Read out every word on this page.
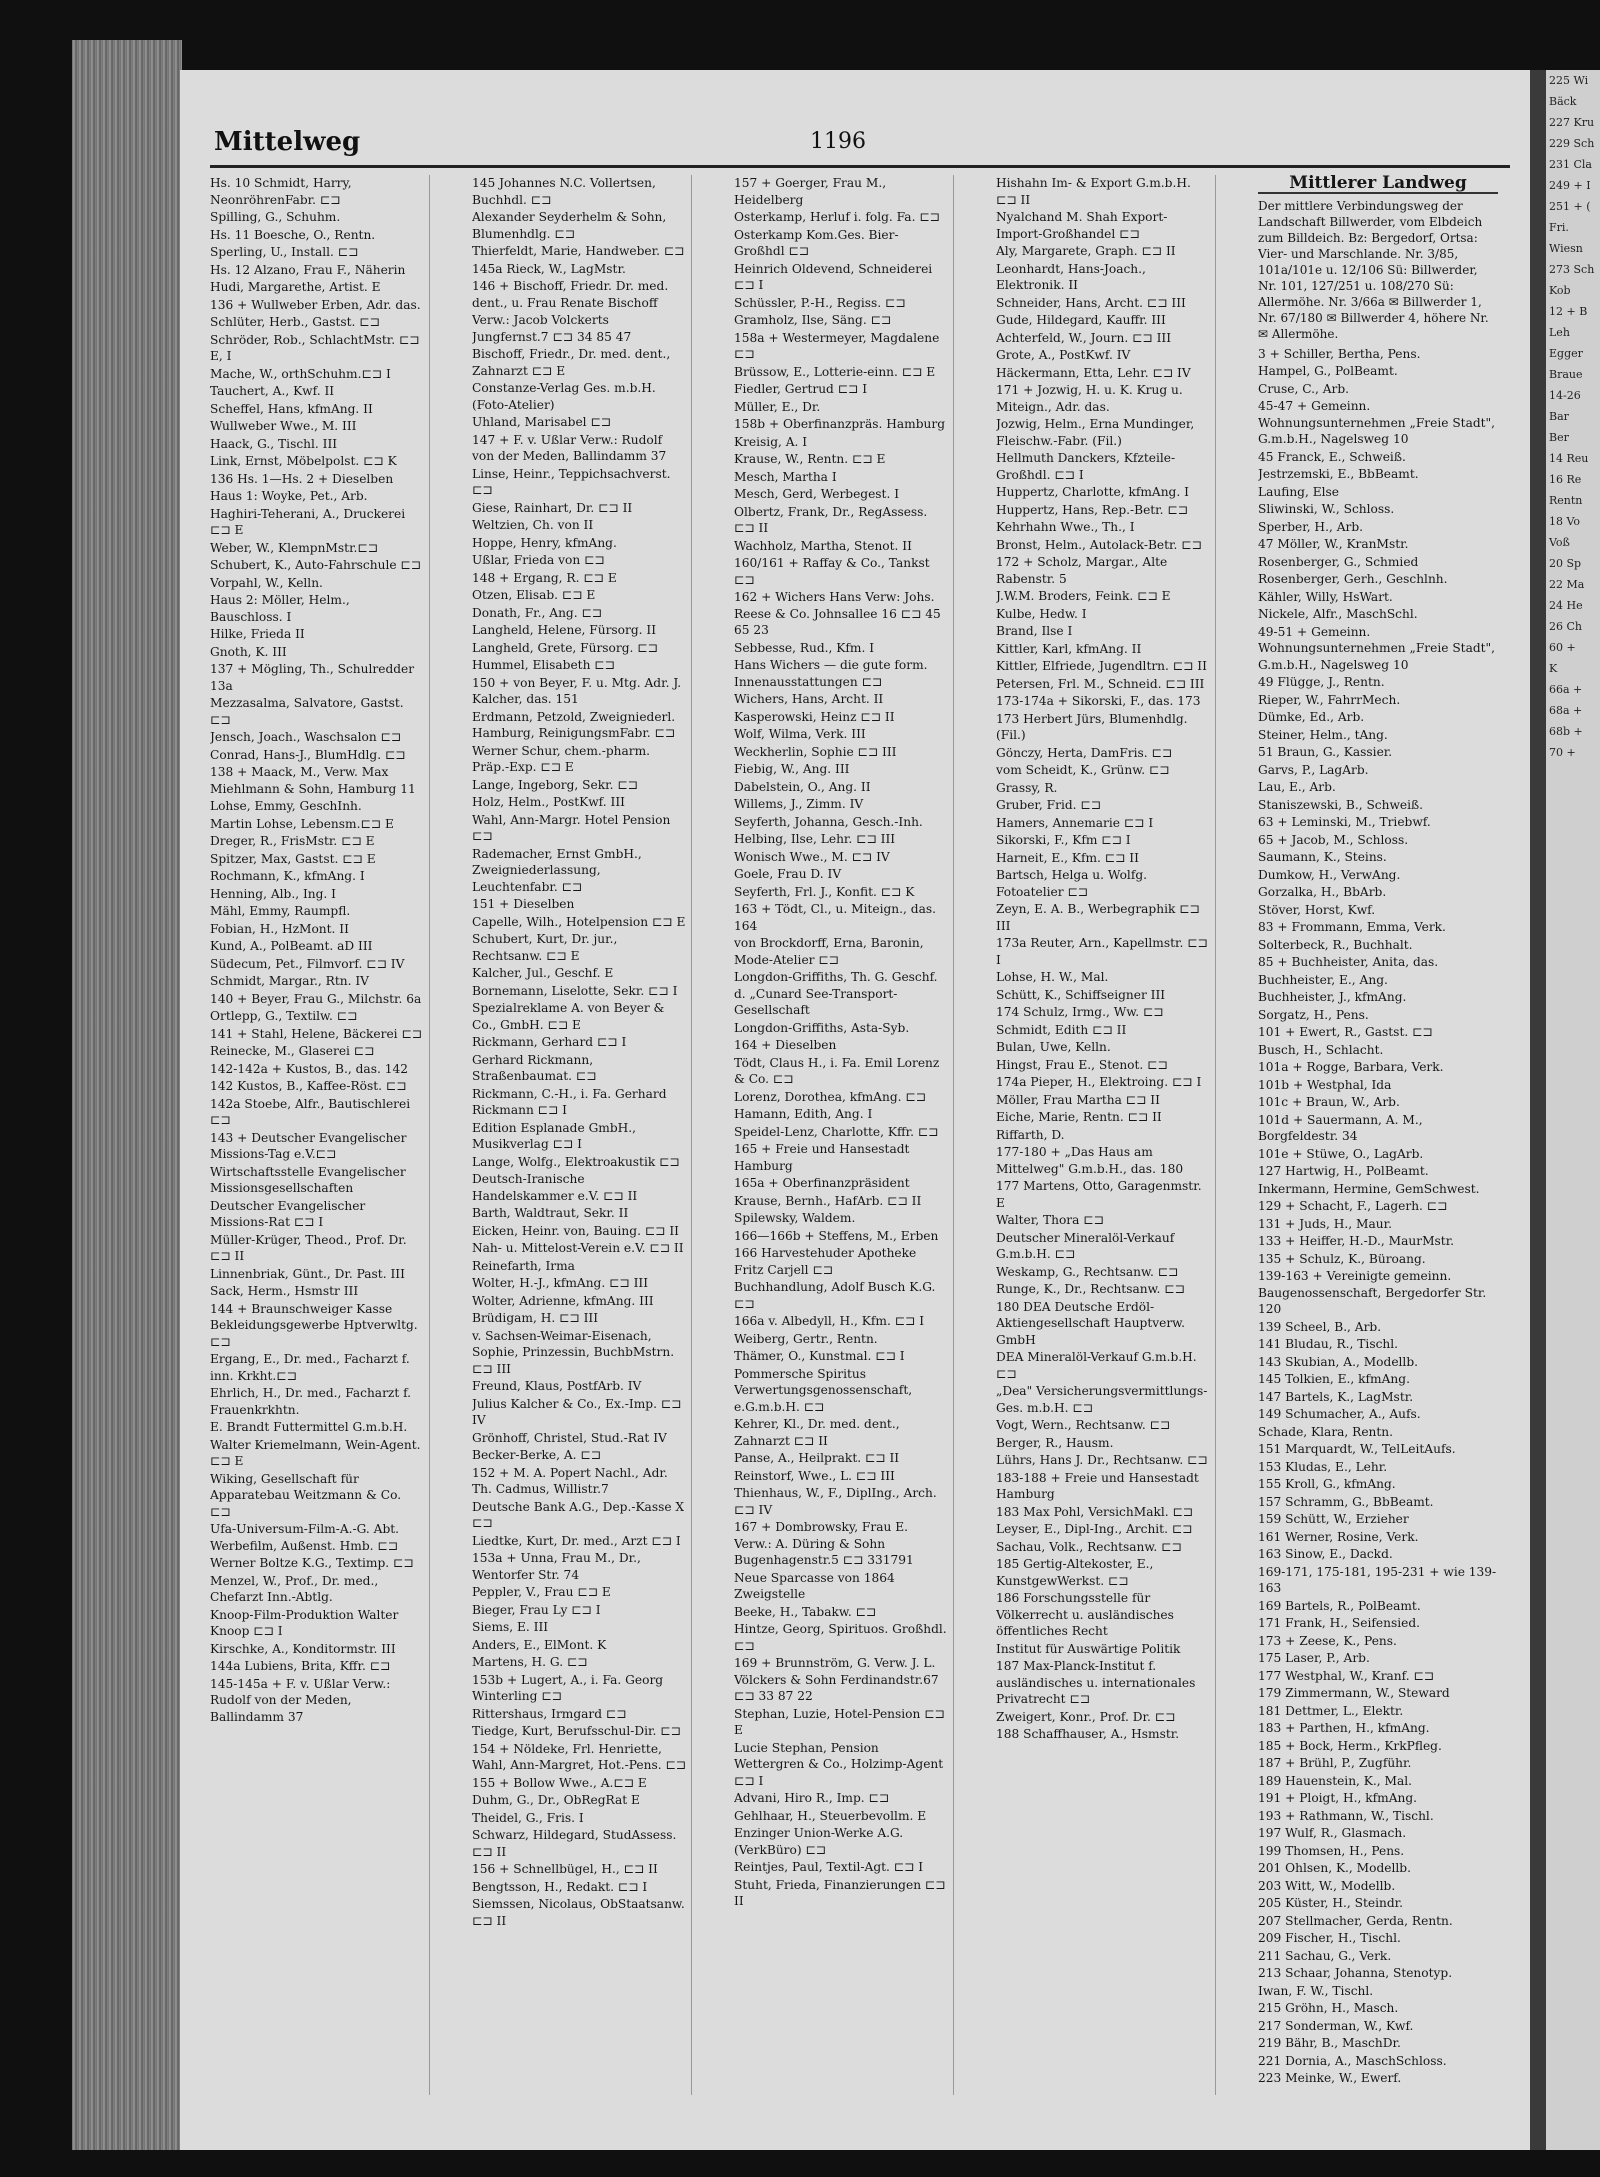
225 Wi
Bäck
227 Kru
229 Sch
231 Cla
249 + I
251 + (
Fri.
Wiesn
273 Sch
Kob
12 + B
Leh
Egger
Braue
14-26
Bar
Ber
14 Reu
16 Re
Rentn
18 Vo
Voß
20 Sp
22 Ma
24 He
26 Ch
60 +
K
66a +
68a +
68b +
70 +
Mittelweg	1196
Hs. 10 Schmidt, Harry, NeonröhrenFabr. ⊏⊐
Spilling, G., Schuhm.
Hs. 11 Boesche, O., Rentn.
Sperling, U., Install. ⊏⊐
Hs. 12 Alzano, Frau F., Näherin
Hudi, Margarethe, Artist. E
136 + Wullweber Erben, Adr. das.
Schlüter, Herb., Gastst. ⊏⊐
Schröder, Rob., SchlachtMstr. ⊏⊐ E, I
Mache, W., orthSchuhm.⊏⊐ I
Tauchert, A., Kwf. II
Scheffel, Hans, kfmAng. II
Wullweber Wwe., M. III
Haack, G., Tischl. III
Link, Ernst, Möbelpolst. ⊏⊐ K
136 Hs. 1—Hs. 2 + Dieselben
Haus 1: Woyke, Pet., Arb.
Haghiri-Teherani, A., Druckerei ⊏⊐ E
Weber, W., KlempnMstr.⊏⊐
Schubert, K., Auto-Fahrschule ⊏⊐
Vorpahl, W., Kelln.
Haus 2: Möller, Helm., Bauschloss. I
Hilke, Frieda II
Gnoth, K. III
137 + Mögling, Th., Schulredder 13a
Mezzasalma, Salvatore, Gastst. ⊏⊐
Jensch, Joach., Waschsalon ⊏⊐
Conrad, Hans-J., BlumHdlg. ⊏⊐
138 + Maack, M., Verw. Max Miehlmann & Sohn, Hamburg 11
Lohse, Emmy, GeschInh.
Martin Lohse, Lebensm.⊏⊐ E
Dreger, R., FrisMstr. ⊏⊐ E
Spitzer, Max, Gastst. ⊏⊐ E
Rochmann, K., kfmAng. I
Henning, Alb., Ing. I
Mähl, Emmy, Raumpfl.
Fobian, H., HzMont. II
Kund, A., PolBeamt. aD III
Südecum, Pet., Filmvorf. ⊏⊐ IV
Schmidt, Margar., Rtn. IV
140 + Beyer, Frau G., Milchstr. 6a
Ortlepp, G., Textilw. ⊏⊐
141 + Stahl, Helene, Bäckerei ⊏⊐
Reinecke, M., Glaserei ⊏⊐
142-142a + Kustos, B., das. 142
142 Kustos, B., Kaffee-Röst. ⊏⊐
142a Stoebe, Alfr., Bautischlerei ⊏⊐
143 + Deutscher Evangelischer Missions-Tag e.V.⊏⊐
Wirtschaftsstelle Evangelischer Missionsgesellschaften
Deutscher Evangelischer Missions-Rat ⊏⊐ I
Müller-Krüger, Theod., Prof. Dr. ⊏⊐ II
Linnenbriak, Günt., Dr. Past. III
Sack, Herm., Hsmstr III
144 + Braunschweiger Kasse Bekleidungsgewerbe Hptverwltg. ⊏⊐
Ergang, E., Dr. med., Facharzt f. inn. Krkht.⊏⊐
Ehrlich, H., Dr. med., Facharzt f. Frauenkrkhtn.
E. Brandt Futtermittel G.m.b.H.
Walter Kriemelmann, Wein-Agent. ⊏⊐ E
Wiking, Gesellschaft für Apparatebau Weitzmann & Co. ⊏⊐
Ufa-Universum-Film-A.-G. Abt. Werbefilm, Außenst. Hmb. ⊏⊐
Werner Boltze K.G., Textimp. ⊏⊐
Menzel, W., Prof., Dr. med., Chefarzt Inn.-Abtlg.
Knoop-Film-Produktion Walter Knoop ⊏⊐ I
Kirschke, A., Konditormstr. III
144a Lubiens, Brita, Kffr. ⊏⊐
145-145a + F. v. Ußlar Verw.: Rudolf von der Meden, Ballindamm 37
145 Johannes N.C. Vollertsen, Buchhdl. ⊏⊐
Alexander Seyderhelm & Sohn, Blumenhdlg. ⊏⊐
Thierfeldt, Marie, Handweber. ⊏⊐
145a Rieck, W., LagMstr.
146 + Bischoff, Friedr. Dr. med. dent., u. Frau Renate Bischoff
Verw.: Jacob Volckerts Jungfernst.7 ⊏⊐ 34 85 47
Bischoff, Friedr., Dr. med. dent., Zahnarzt ⊏⊐ E
Constanze-Verlag Ges. m.b.H. (Foto-Atelier)
Uhland, Marisabel ⊏⊐
147 + F. v. Ußlar Verw.: Rudolf von der Meden, Ballindamm 37
Linse, Heinr., Teppichsachverst. ⊏⊐
Giese, Rainhart, Dr. ⊏⊐ II
Weltzien, Ch. von II
Hoppe, Henry, kfmAng.
Ußlar, Frieda von ⊏⊐
148 + Ergang, R. ⊏⊐ E
Otzen, Elisab. ⊏⊐ E
Donath, Fr., Ang. ⊏⊐
Langheld, Helene, Fürsorg. II
Langheld, Grete, Fürsorg. ⊏⊐
Hummel, Elisabeth ⊏⊐
150 + von Beyer, F. u. Mtg. Adr. J. Kalcher, das. 151
Erdmann, Petzold, Zweigniederl. Hamburg, ReinigungsmFabr. ⊏⊐
Werner Schur, chem.-pharm. Präp.-Exp. ⊏⊐ E
Lange, Ingeborg, Sekr. ⊏⊐
Holz, Helm., PostKwf. III
Wahl, Ann-Margr. Hotel Pension ⊏⊐
Rademacher, Ernst GmbH., Zweigniederlassung, Leuchtenfabr. ⊏⊐
151 + Dieselben
Capelle, Wilh., Hotelpension ⊏⊐ E
Schubert, Kurt, Dr. jur., Rechtsanw. ⊏⊐ E
Kalcher, Jul., Geschf. E
Bornemann, Liselotte, Sekr. ⊏⊐ I
Spezialreklame A. von Beyer & Co., GmbH. ⊏⊐ E
Rickmann, Gerhard ⊏⊐ I
Gerhard Rickmann, Straßenbaumat. ⊏⊐
Rickmann, C.-H., i. Fa. Gerhard Rickmann ⊏⊐ I
Edition Esplanade GmbH., Musikverlag ⊏⊐ I
Lange, Wolfg., Elektroakustik ⊏⊐
Deutsch-Iranische Handelskammer e.V. ⊏⊐ II
Barth, Waldtraut, Sekr. II
Eicken, Heinr. von, Bauing. ⊏⊐ II
Nah- u. Mittelost-Verein e.V. ⊏⊐ II
Reinefarth, Irma
Wolter, H.-J., kfmAng. ⊏⊐ III
Wolter, Adrienne, kfmAng. III
Brüdigam, H. ⊏⊐ III
v. Sachsen-Weimar-Eisenach, Sophie, Prinzessin, BuchbMstrn. ⊏⊐ III
Freund, Klaus, PostfArb. IV
Julius Kalcher & Co., Ex.-Imp. ⊏⊐ IV
Grönhoff, Christel, Stud.-Rat IV
Becker-Berke, A. ⊏⊐
152 + M. A. Popert Nachl., Adr. Th. Cadmus, Willistr.7
Deutsche Bank A.G., Dep.-Kasse X ⊏⊐
Liedtke, Kurt, Dr. med., Arzt ⊏⊐ I
153a + Unna, Frau M., Dr., Wentorfer Str. 74
Peppler, V., Frau ⊏⊐ E
Bieger, Frau Ly ⊏⊐ I
Siems, E. III
Anders, E., ElMont. K
Martens, H. G. ⊏⊐
153b + Lugert, A., i. Fa. Georg Winterling ⊏⊐
Rittershaus, Irmgard ⊏⊐
Tiedge, Kurt, Berufsschul-Dir. ⊏⊐
154 + Nöldeke, Frl. Henriette, Wahl, Ann-Margret, Hot.-Pens. ⊏⊐
155 + Bollow Wwe., A.⊏⊐ E
Duhm, G., Dr., ObRegRat E
Theidel, G., Fris. I
Schwarz, Hildegard, StudAssess. ⊏⊐ II
156 + Schnellbügel, H., ⊏⊐ II
Bengtsson, H., Redakt. ⊏⊐ I
Siemssen, Nicolaus, ObStaatsanw. ⊏⊐ II
157 + Goerger, Frau M., Heidelberg
Osterkamp, Herluf i. folg. Fa. ⊏⊐
Osterkamp Kom.Ges. Bier-Großhdl ⊏⊐
Heinrich Oldevend, Schneiderei ⊏⊐ I
Schüssler, P.-H., Regiss. ⊏⊐
Gramholz, Ilse, Säng. ⊏⊐
158a + Westermeyer, Magdalene ⊏⊐
Brüssow, E., Lotterie-einn. ⊏⊐ E
Fiedler, Gertrud ⊏⊐ I
Müller, E., Dr.
158b + Oberfinanzpräs. Hamburg
Kreisig, A. I
Krause, W., Rentn. ⊏⊐ E
Mesch, Martha I
Mesch, Gerd, Werbegest. I
Olbertz, Frank, Dr., RegAssess. ⊏⊐ II
Wachholz, Martha, Stenot. II
160/161 + Raffay & Co., Tankst ⊏⊐
162 + Wichers Hans Verw: Johs. Reese & Co. Johnsallee 16 ⊏⊐ 45 65 23
Sebbesse, Rud., Kfm. I
Hans Wichers — die gute form. Innenausstattungen ⊏⊐
Wichers, Hans, Archt. II
Kasperowski, Heinz ⊏⊐ II
Wolf, Wilma, Verk. III
Weckherlin, Sophie ⊏⊐ III
Fiebig, W., Ang. III
Dabelstein, O., Ang. II
Willems, J., Zimm. IV
Seyferth, Johanna, Gesch.-Inh.
Helbing, Ilse, Lehr. ⊏⊐ III
Wonisch Wwe., M. ⊏⊐ IV
Goele, Frau D. IV
Seyferth, Frl. J., Konfit. ⊏⊐ K
163 + Tödt, Cl., u. Miteign., das. 164
von Brockdorff, Erna, Baronin, Mode-Atelier ⊏⊐
Longdon-Griffiths, Th. G. Geschf. d. „Cunard See-Transport-Gesellschaft
Longdon-Griffiths, Asta-Syb.
164 + Dieselben
Tödt, Claus H., i. Fa. Emil Lorenz & Co. ⊏⊐
Lorenz, Dorothea, kfmAng. ⊏⊐
Hamann, Edith, Ang. I
Speidel-Lenz, Charlotte, Kffr. ⊏⊐
165 + Freie und Hansestadt Hamburg
165a + Oberfinanzpräsident
Krause, Bernh., HafArb. ⊏⊐ II
Spilewsky, Waldem.
166—166b + Steffens, M., Erben
166 Harvestehuder Apotheke Fritz Carjell ⊏⊐
Buchhandlung, Adolf Busch K.G. ⊏⊐
166a v. Albedyll, H., Kfm. ⊏⊐ I
Weiberg, Gertr., Rentn.
Thämer, O., Kunstmal. ⊏⊐ I
Pommersche Spiritus Verwertungsgenossenschaft, e.G.m.b.H. ⊏⊐
Kehrer, Kl., Dr. med. dent., Zahnarzt ⊏⊐ II
Panse, A., Heilprakt. ⊏⊐ II
Reinstorf, Wwe., L. ⊏⊐ III
Thienhaus, W., F., DiplIng., Arch. ⊏⊐ IV
167 + Dombrowsky, Frau E. Verw.: A. Düring & Sohn Bugenhagenstr.5 ⊏⊐ 331791
Neue Sparcasse von 1864 Zweigstelle
Beeke, H., Tabakw. ⊏⊐
Hintze, Georg, Spirituos. Großhdl. ⊏⊐
169 + Brunnström, G. Verw. J. L. Völckers & Sohn Ferdinandstr.67 ⊏⊐ 33 87 22
Stephan, Luzie, Hotel-Pension ⊏⊐ E
Lucie Stephan, Pension Wettergren & Co., Holzimp-Agent ⊏⊐ I
Advani, Hiro R., Imp. ⊏⊐
Gehlhaar, H., Steuerbevollm. E
Enzinger Union-Werke A.G. (VerkBüro) ⊏⊐
Reintjes, Paul, Textil-Agt. ⊏⊐ I
Stuht, Frieda, Finanzierungen ⊏⊐ II
Hishahn Im- & Export G.m.b.H. ⊏⊐ II
Nyalchand M. Shah Export-Import-Großhandel ⊏⊐
Aly, Margarete, Graph. ⊏⊐ II
Leonhardt, Hans-Joach., Elektronik. II
Schneider, Hans, Archt. ⊏⊐ III
Gude, Hildegard, Kauffr. III
Achterfeld, W., Journ. ⊏⊐ III
Grote, A., PostKwf. IV
Häckermann, Etta, Lehr. ⊏⊐ IV
171 + Jozwig, H. u. K. Krug u. Miteign., Adr. das.
Jozwig, Helm., Erna Mundinger, Fleischw.-Fabr. (Fil.)
Hellmuth Danckers, Kfzteile-Großhdl. ⊏⊐ I
Huppertz, Charlotte, kfmAng. I
Huppertz, Hans, Rep.-Betr. ⊏⊐
Kehrhahn Wwe., Th., I
Bronst, Helm., Autolack-Betr. ⊏⊐
172 + Scholz, Margar., Alte Rabenstr. 5
J.W.M. Broders, Feink. ⊏⊐ E
Kulbe, Hedw. I
Brand, Ilse I
Kittler, Karl, kfmAng. II
Kittler, Elfriede, Jugendltrn. ⊏⊐ II
Petersen, Frl. M., Schneid. ⊏⊐ III
173-174a + Sikorski, F., das. 173
173 Herbert Jürs, Blumenhdlg. (Fil.)
Gönczy, Herta, DamFris. ⊏⊐
vom Scheidt, K., Grünw. ⊏⊐
Grassy, R.
Gruber, Frid. ⊏⊐
Hamers, Annemarie ⊏⊐ I
Sikorski, F., Kfm ⊏⊐ I
Harneit, E., Kfm. ⊏⊐ II
Bartsch, Helga u. Wolfg. Fotoatelier ⊏⊐
Zeyn, E. A. B., Werbegraphik ⊏⊐ III
173a Reuter, Arn., Kapellmstr. ⊏⊐ I
Lohse, H. W., Mal.
Schütt, K., Schiffseigner III
174 Schulz, Irmg., Ww. ⊏⊐
Schmidt, Edith ⊏⊐ II
Bulan, Uwe, Kelln.
Hingst, Frau E., Stenot. ⊏⊐
174a Pieper, H., Elektroing. ⊏⊐ I
Möller, Frau Martha ⊏⊐ II
Eiche, Marie, Rentn. ⊏⊐ II
Riffarth, D.
177-180 + „Das Haus am Mittelweg" G.m.b.H., das. 180
177 Martens, Otto, Garagenmstr. E
Walter, Thora ⊏⊐
Deutscher Mineralöl-Verkauf G.m.b.H. ⊏⊐
Weskamp, G., Rechtsanw. ⊏⊐
Runge, K., Dr., Rechtsanw. ⊏⊐
180 DEA Deutsche Erdöl-Aktiengesellschaft Hauptverw. GmbH
DEA Mineralöl-Verkauf G.m.b.H. ⊏⊐
„Dea" Versicherungsvermittlungs-Ges. m.b.H. ⊏⊐
Vogt, Wern., Rechtsanw. ⊏⊐
Berger, R., Hausm.
Lührs, Hans J. Dr., Rechtsanw. ⊏⊐
183-188 + Freie und Hansestadt Hamburg
183 Max Pohl, VersichMakl. ⊏⊐
Leyser, E., Dipl-Ing., Archit. ⊏⊐
Sachau, Volk., Rechtsanw. ⊏⊐
185 Gertig-Altekoster, E., KunstgewWerkst. ⊏⊐
186 Forschungsstelle für Völkerrecht u. ausländisches öffentliches Recht
Institut für Auswärtige Politik
187 Max-Planck-Institut f. ausländisches u. internationales Privatrecht ⊏⊐
Zweigert, Konr., Prof. Dr. ⊏⊐
188 Schaffhauser, A., Hsmstr.
Mittlerer Landweg
Der mittlere Verbindungsweg der Landschaft Billwerder, vom Elbdeich zum Billdeich. Bz: Bergedorf, Ortsa: Vier- und Marschlande. Nr. 3/85, 101a/101e u. 12/106 Sü: Billwerder, Nr. 101, 127/251 u. 108/270 Sü: Allermöhe. Nr. 3/66a ✉ Billwerder 1, Nr. 67/180 ✉ Billwerder 4, höhere Nr. ✉ Allermöhe.
3 + Schiller, Bertha, Pens.
Hampel, G., PolBeamt.
Cruse, C., Arb.
45-47 + Gemeinn. Wohnungsunternehmen „Freie Stadt", G.m.b.H., Nagelsweg 10
45 Franck, E., Schweiß.
Jestrzemski, E., BbBeamt.
Laufing, Else
Sliwinski, W., Schloss.
Sperber, H., Arb.
47 Möller, W., KranMstr.
Rosenberger, G., Schmied
Rosenberger, Gerh., Geschlnh.
Kähler, Willy, HsWart.
Nickele, Alfr., MaschSchl.
49-51 + Gemeinn. Wohnungsunternehmen „Freie Stadt", G.m.b.H., Nagelsweg 10
49 Flügge, J., Rentn.
Rieper, W., FahrrMech.
Dümke, Ed., Arb.
Steiner, Helm., tAng.
51 Braun, G., Kassier.
Garvs, P., LagArb.
Lau, E., Arb.
Staniszewski, B., Schweiß.
63 + Leminski, M., Triebwf.
65 + Jacob, M., Schloss.
Saumann, K., Steins.
Dumkow, H., VerwAng.
Gorzalka, H., BbArb.
Stöver, Horst, Kwf.
83 + Frommann, Emma, Verk.
Solterbeck, R., Buchhalt.
85 + Buchheister, Anita, das.
Buchheister, E., Ang.
Buchheister, J., kfmAng.
Sorgatz, H., Pens.
101 + Ewert, R., Gastst. ⊏⊐
Busch, H., Schlacht.
101a + Rogge, Barbara, Verk.
101b + Westphal, Ida
101c + Braun, W., Arb.
101d + Sauermann, A. M., Borgfeldestr. 34
101e + Stüwe, O., LagArb.
127 Hartwig, H., PolBeamt.
Inkermann, Hermine, GemSchwest.
129 + Schacht, F., Lagerh. ⊏⊐
131 + Juds, H., Maur.
133 + Heiffer, H.-D., MaurMstr.
135 + Schulz, K., Büroang.
139-163 + Vereinigte gemeinn. Baugenossenschaft, Bergedorfer Str. 120
139 Scheel, B., Arb.
141 Bludau, R., Tischl.
143 Skubian, A., Modellb.
145 Tolkien, E., kfmAng.
147 Bartels, K., LagMstr.
149 Schumacher, A., Aufs.
Schade, Klara, Rentn.
151 Marquardt, W., TelLeitAufs.
153 Kludas, E., Lehr.
155 Kroll, G., kfmAng.
157 Schramm, G., BbBeamt.
159 Schütt, W., Erzieher
161 Werner, Rosine, Verk.
163 Sinow, E., Dackd.
169-171, 175-181, 195-231 + wie 139-163
169 Bartels, R., PolBeamt.
171 Frank, H., Seifensied.
173 + Zeese, K., Pens.
175 Laser, P., Arb.
177 Westphal, W., Kranf. ⊏⊐
179 Zimmermann, W., Steward
181 Dettmer, L., Elektr.
183 + Parthen, H., kfmAng.
185 + Bock, Herm., KrkPfleg.
187 + Brühl, P., Zugführ.
189 Hauenstein, K., Mal.
191 + Ploigt, H., kfmAng.
193 + Rathmann, W., Tischl.
197 Wulf, R., Glasmach.
199 Thomsen, H., Pens.
201 Ohlsen, K., Modellb.
203 Witt, W., Modellb.
205 Küster, H., Steindr.
207 Stellmacher, Gerda, Rentn.
209 Fischer, H., Tischl.
211 Sachau, G., Verk.
213 Schaar, Johanna, Stenotyp.
Iwan, F. W., Tischl.
215 Gröhn, H., Masch.
217 Sonderman, W., Kwf.
219 Bähr, B., MaschDr.
221 Dornia, A., MaschSchloss.
223 Meinke, W., Ewerf.
